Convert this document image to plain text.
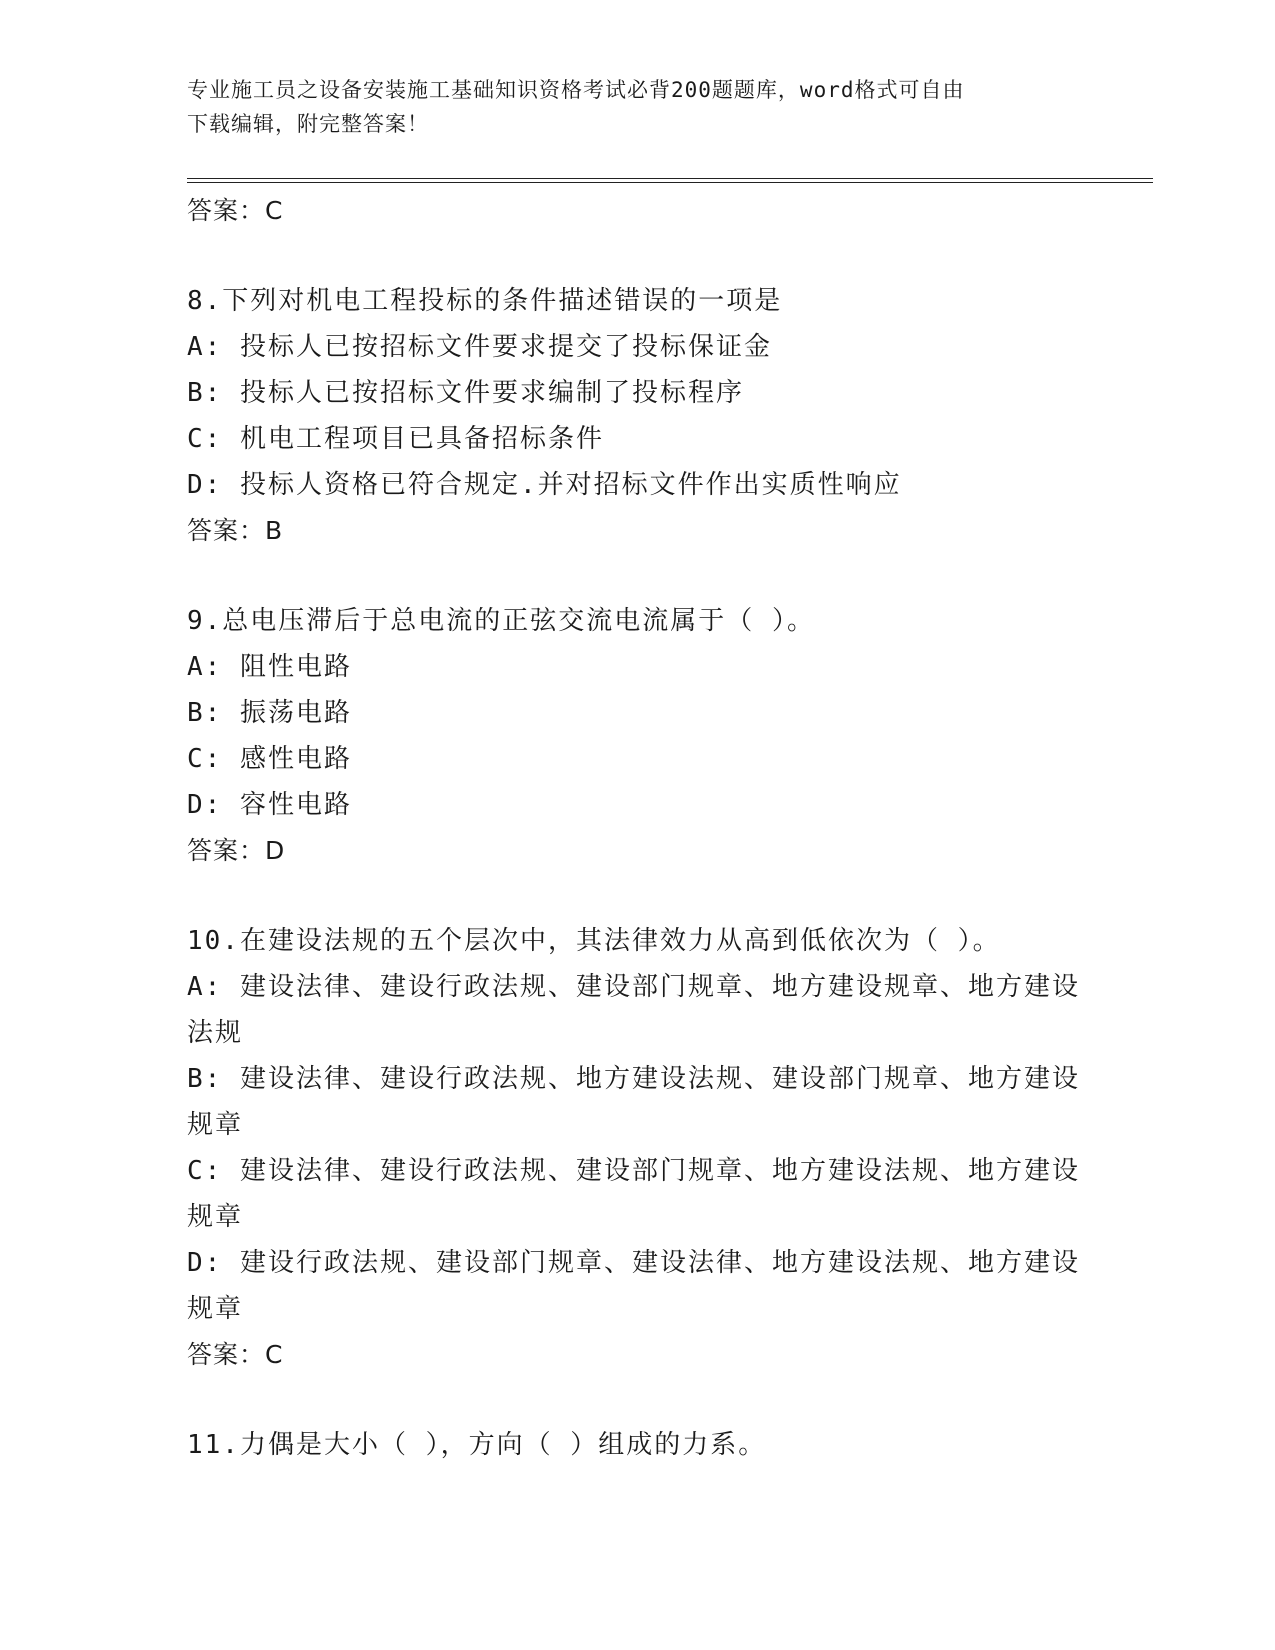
专业施工员之设备安装施工基础知识资格考试必背200题题库，word格式可自由
下载编辑，附完整答案！

答案：C

8.下列对机电工程投标的条件描述错误的一项是

A: 投标人已按招标文件要求提交了投标保证金

B: 投标人已按招标文件要求编制了投标程序

C: 机电工程项目已具备招标条件

D: 投标人资格已符合规定.并对招标文件作出实质性响应

答案：B

9.总电压滞后于总电流的正弦交流电流属于（ ）。

A: 阻性电路

B: 振荡电路

C: 感性电路

D: 容性电路

答案：D

10.在建设法规的五个层次中，其法律效力从高到低依次为（ ）。

A: 建设法律、建设行政法规、建设部门规章、地方建设规章、地方建设法规

B: 建设法律、建设行政法规、地方建设法规、建设部门规章、地方建设规章

C: 建设法律、建设行政法规、建设部门规章、地方建设法规、地方建设规章

D: 建设行政法规、建设部门规章、建设法律、地方建设法规、地方建设规章

答案：C

11.力偶是大小（ ），方向（ ）组成的力系。
